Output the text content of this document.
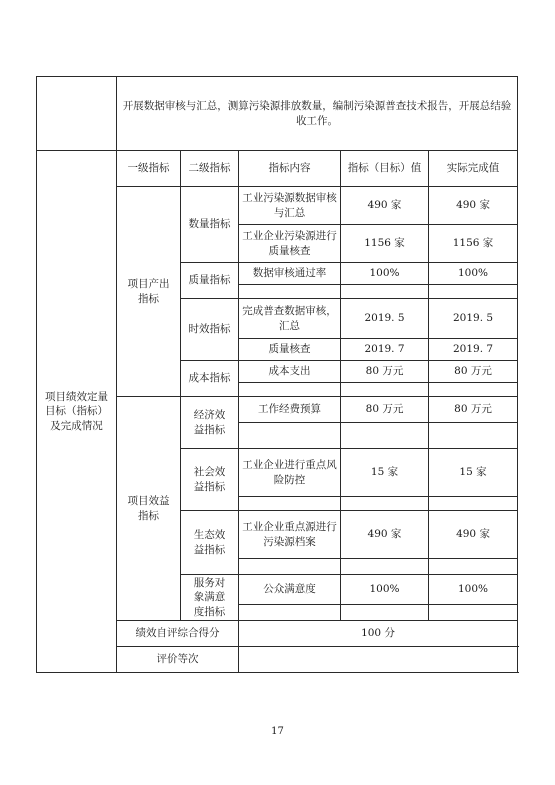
	开展数据审核与汇总，测算污染源排放数量，编制污染源普查技术报告，开展总结验收工作。				
项目绩效定量目标（指标）及完成情况	一级指标	二级指标	指标内容	指标（目标）值	实际完成值
	项目产出指标	数量指标	工业污染源数据审核与汇总	490 家	490 家
			工业企业污染源进行质量核查	1156 家	1156 家
		质量指标	数据审核通过率	100%	100%

		时效指标	完成普查数据审核，汇总	2019. 5	2019. 5
			质量核查	2019. 7	2019. 7
		成本指标	成本支出	80 万元	80 万元

	项目效益指标	经济效益指标	工作经费预算	80 万元	80 万元

		社会效益指标	工业企业进行重点风险防控	15 家	15 家

		生态效益指标	工业企业重点源进行污染源档案	490 家	490 家

		服务对象满意度指标	公众满意度	100%	100%

	绩效自评综合得分		100 分		
	评价等次				
17
